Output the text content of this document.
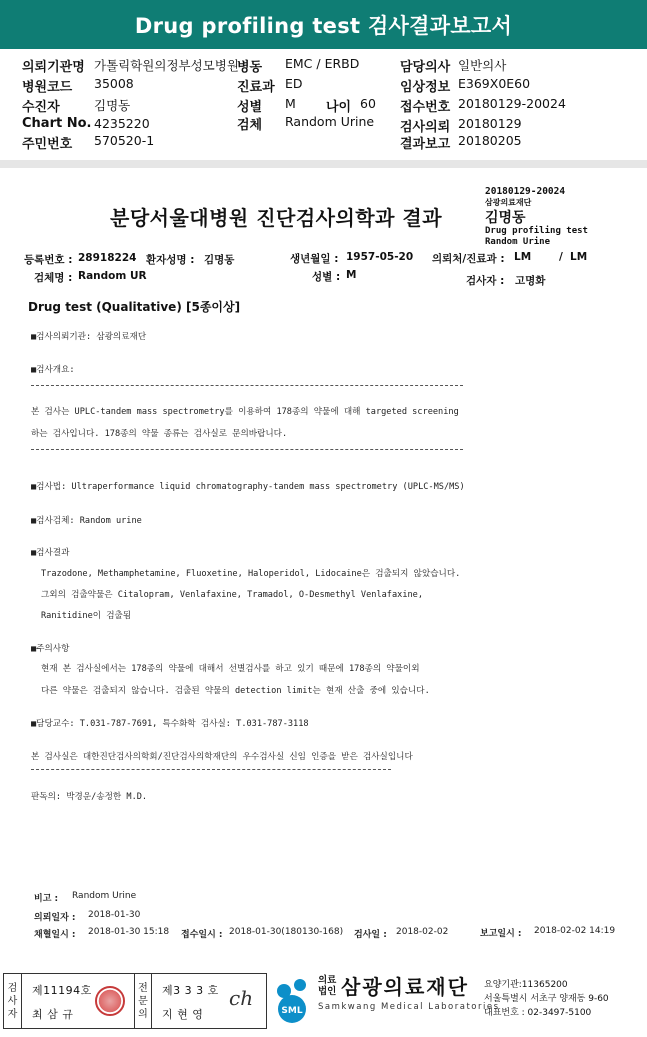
Drug profiling test 검사결과보고서
의뢰기관명 가톨릭학원의정부성모병원
병동 EMC / ERBD	담당의사 일반의사
병원코드 35008	진료과 ED	임상정보 E369X0E60
수진자	김명동	성별 M 나이 60 접수번호 20180129-20024
Chart No. 4235220	검체 Random Urine 검사의뢰 20180129
주민번호 570520-1	결과보고 20180205
분당서울대병원 진단검사의학과 결과
20180129-20024
삼광의료재단
김명동
Drug profiling test
Random Urine
등록번호 : 28918224 환자성명 : 김명동	생년월일 : 1957-05-20 의뢰처/진료과 : LM	/ LM
검체명 : Random UR	성별 : M	검사자 : 고명화
Drug test (Qualitative) [5종이상]
■검사의뢰기관: 삼광의료재단
■검사개요:
본 검사는 UPLC-tandem mass spectrometry를 이용하여 178종의 약물에 대해 targeted screening
하는 검사입니다. 178종의 약물 종류는 검사실로 문의바랍니다.
■검사법: Ultraperformance liquid chromatography-tandem mass spectrometry (UPLC-MS/MS)
■검사검체: Random urine
■검사결과
Trazodone, Methamphetamine, Fluoxetine, Haloperidol, Lidocaine은 검출되지 않았습니다.
그외의 검출약물은 Citalopram, Venlafaxine, Tramadol, O-Desmethyl Venlafaxine,
Ranitidine이 검출됨
■주의사항
현재 본 검사실에서는 178종의 약물에 대해서 선별검사를 하고 있기 때문에 178종의 약물이외
다른 약물은 검출되지 않습니다. 검출된 약물의 detection limit는 현재 산출 중에 있습니다.
■담당교수: T.031-787-7691, 특수화학 검사실: T.031-787-3118
본 검사실은 대한진단검사의학회/진단검사의학재단의 우수검사실 신임 인증을 받은 검사실입니다
판독의: 박경운/송정한 M.D.
비고 : Random Urine
의뢰일자 : 2018-01-30
채혈일시 : 2018-01-30 15:18 접수일시 : 2018-01-30(180130-168) 검사일 : 2018-02-02	보고일시 : 2018-02-02 14:19
검
사
자
제11194호
최 삼 규
전
문
의
제3 3 3 호
지 현 영
ch
SML
의료
법인 삼광의료재단
Samkwang Medical Laboratories
요양기관:11365200
서울특별시 서초구 양재동 9-60
대표번호 : 02-3497-5100
